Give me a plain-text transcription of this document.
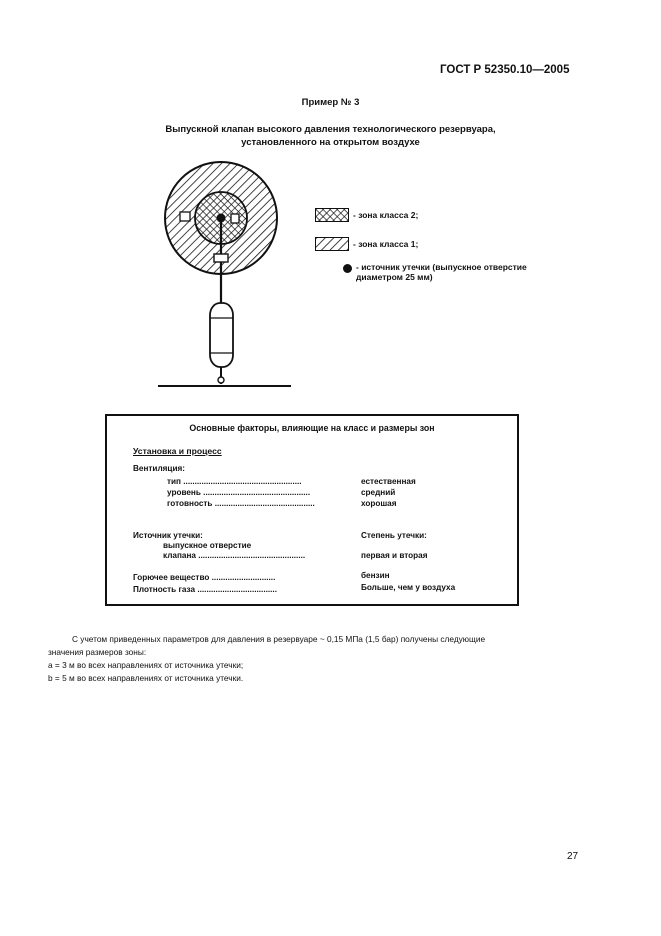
ГОСТ Р 52350.10—2005
Пример № 3
Выпускной клапан высокого давления технологического резервуара,
установленного на открытом воздухе
- зона класса 2;
- зона класса 1;
- источник утечки (выпускное отверстие
диаметром 25 мм)
Основные факторы, влияющие на класс и размеры зон
Установка и процесс
Вентиляция:
тип ....................................................	естественная
уровень ...............................................	средний
готовность ............................................	хорошая
Источник утечки:	Степень утечки:
выпускное отверстие
клапана ...............................................	первая и вторая
Горючее вещество ............................	бензин
Плотность газа ...................................	Больше, чем у воздуха
С учетом приведенных параметров для давления в резервуаре ~ 0,15 МПа (1,5 бар) получены следующие
значения размеров зоны:
а = 3 м во всех направлениях от источника утечки;
b = 5 м во всех направлениях от источника утечки.
27
